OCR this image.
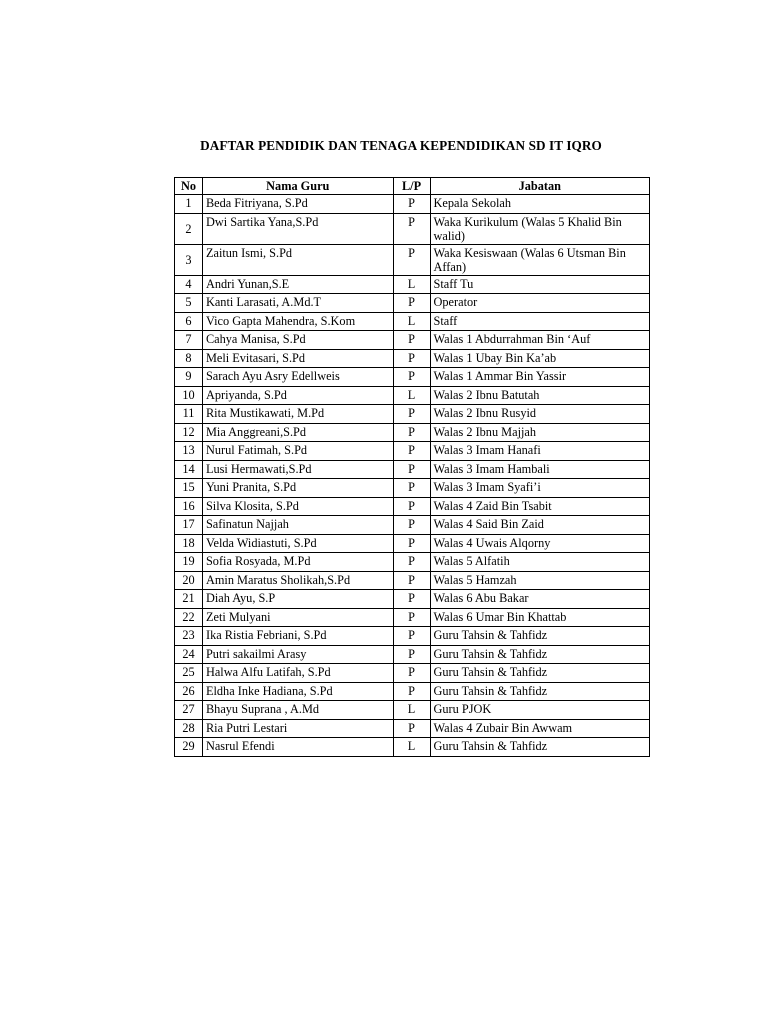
DAFTAR PENDIDIK DAN TENAGA KEPENDIDIKAN SD IT IQRO
No	Nama Guru	L/P	Jabatan
1	Beda Fitriyana, S.Pd	P	Kepala Sekolah
2	Dwi Sartika Yana,S.Pd	P	Waka Kurikulum (Walas 5 Khalid Bin walid)
3	Zaitun Ismi, S.Pd	P	Waka Kesiswaan (Walas 6 Utsman Bin Affan)
4	Andri Yunan,S.E	L	Staff Tu
5	Kanti Larasati, A.Md.T	P	Operator
6	Vico Gapta Mahendra, S.Kom	L	Staff
7	Cahya Manisa, S.Pd	P	Walas 1 Abdurrahman Bin ‘Auf
8	Meli Evitasari, S.Pd	P	Walas 1 Ubay Bin Ka’ab
9	Sarach Ayu Asry Edellweis	P	Walas 1 Ammar Bin Yassir
10	Apriyanda, S.Pd	L	Walas 2 Ibnu Batutah
11	Rita Mustikawati, M.Pd	P	Walas 2 Ibnu Rusyid
12	Mia Anggreani,S.Pd	P	Walas 2 Ibnu Majjah
13	Nurul Fatimah, S.Pd	P	Walas 3 Imam Hanafi
14	Lusi Hermawati,S.Pd	P	Walas 3 Imam Hambali
15	Yuni Pranita, S.Pd	P	Walas 3 Imam Syafi’i
16	Silva Klosita, S.Pd	P	Walas 4 Zaid Bin Tsabit
17	Safinatun Najjah	P	Walas 4 Said Bin Zaid
18	Velda Widiastuti, S.Pd	P	Walas 4 Uwais Alqorny
19	Sofia Rosyada, M.Pd	P	Walas 5 Alfatih
20	Amin Maratus Sholikah,S.Pd	P	Walas 5 Hamzah
21	Diah Ayu, S.P	P	Walas 6 Abu Bakar
22	Zeti Mulyani	P	Walas 6 Umar Bin Khattab
23	Ika Ristia Febriani, S.Pd	P	Guru Tahsin & Tahfidz
24	Putri sakailmi Arasy	P	Guru Tahsin & Tahfidz
25	Halwa Alfu Latifah, S.Pd	P	Guru Tahsin & Tahfidz
26	Eldha Inke Hadiana, S.Pd	P	Guru Tahsin & Tahfidz
27	Bhayu Suprana , A.Md	L	Guru PJOK
28	Ria Putri Lestari	P	Walas 4 Zubair Bin Awwam
29	Nasrul Efendi	L	Guru Tahsin & Tahfidz
